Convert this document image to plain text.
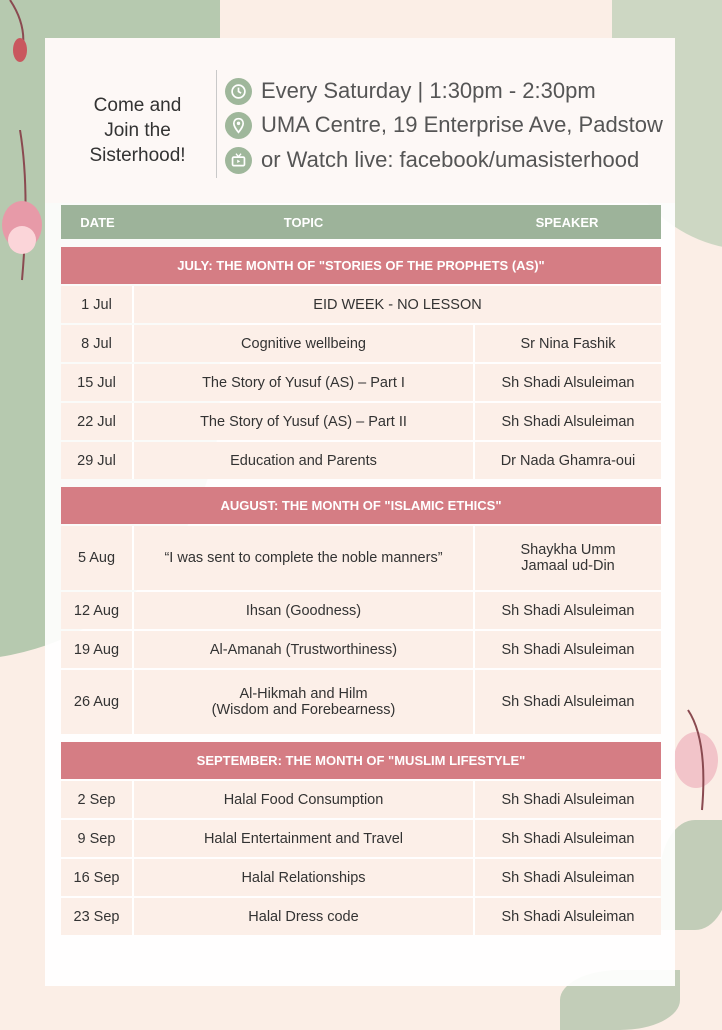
Come and Join the Sisterhood!
Every Saturday | 1:30pm - 2:30pm
UMA Centre, 19 Enterprise Ave, Padstow
or Watch live: facebook/umasisterhood
DATE	TOPIC	SPEAKER

JULY: THE MONTH OF "STORIES OF THE PROPHETS (AS)"		
1 Jul	EID WEEK - NO LESSON	
8 Jul	Cognitive wellbeing	Sr Nina Fashik
15 Jul	The Story of Yusuf (AS) – Part I	Sh Shadi Alsuleiman
22 Jul	The Story of Yusuf (AS) – Part II	Sh Shadi Alsuleiman
29 Jul	Education and Parents	Dr Nada Ghamra-oui

AUGUST: THE MONTH OF "ISLAMIC ETHICS"		
5 Aug	“I was sent to complete the noble manners”	Shaykha Umm
Jamaal ud-Din
12 Aug	Ihsan (Goodness)	Sh Shadi Alsuleiman
19 Aug	Al-Amanah (Trustworthiness)	Sh Shadi Alsuleiman
26 Aug	Al-Hikmah and Hilm
(Wisdom and Forebearness)	Sh Shadi Alsuleiman

SEPTEMBER: THE MONTH OF "MUSLIM LIFESTYLE"		
2 Sep	Halal Food Consumption	Sh Shadi Alsuleiman
9 Sep	Halal Entertainment and Travel	Sh Shadi Alsuleiman
16 Sep	Halal Relationships	Sh Shadi Alsuleiman
23 Sep	Halal Dress code	Sh Shadi Alsuleiman
